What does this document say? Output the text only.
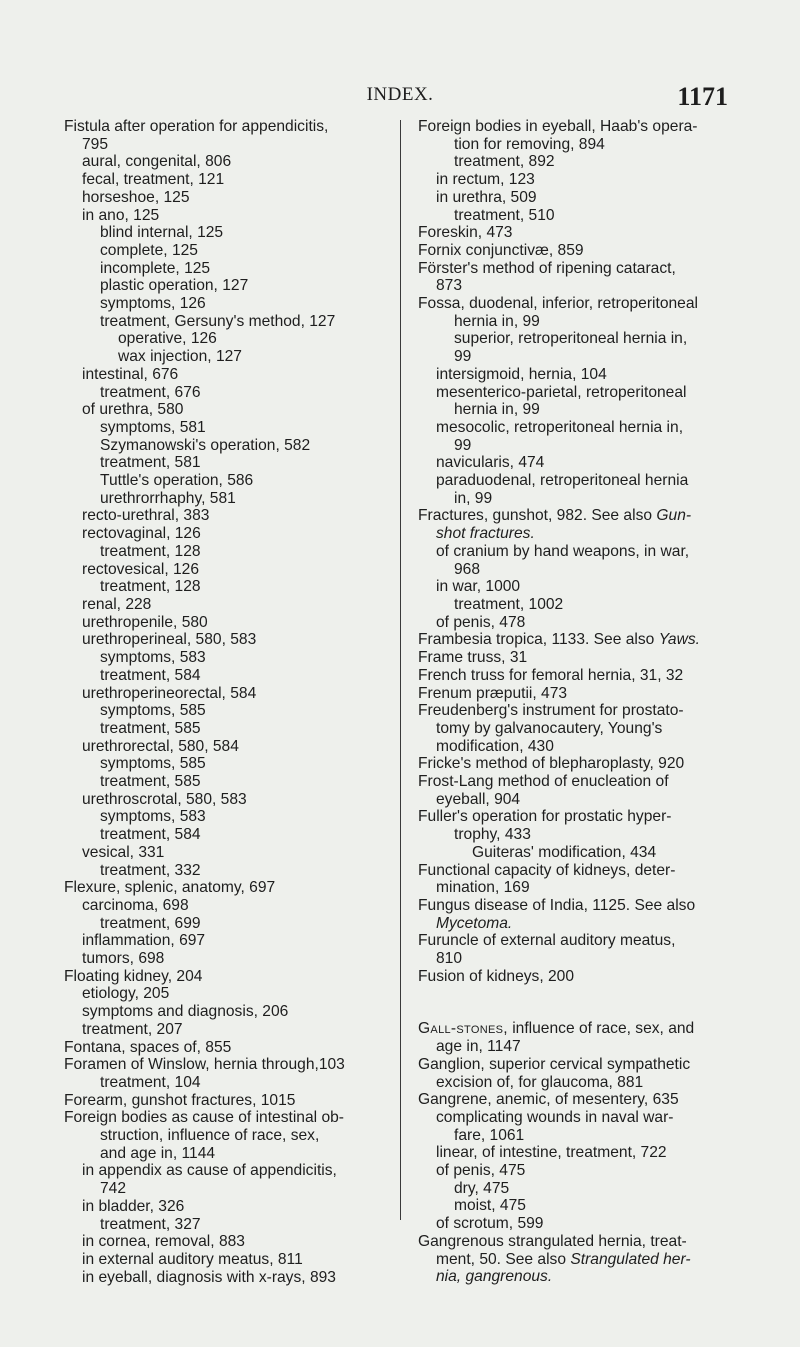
INDEX.	1171
Fistula after operation for appendicitis,
795
aural, congenital, 806
fecal, treatment, 121
horseshoe, 125
in ano, 125
blind internal, 125
complete, 125
incomplete, 125
plastic operation, 127
symptoms, 126
treatment, Gersuny's method, 127
operative, 126
wax injection, 127
intestinal, 676
treatment, 676
of urethra, 580
symptoms, 581
Szymanowski's operation, 582
treatment, 581
Tuttle's operation, 586
urethrorrhaphy, 581
recto-urethral, 383
rectovaginal, 126
treatment, 128
rectovesical, 126
treatment, 128
renal, 228
urethropenile, 580
urethroperineal, 580, 583
symptoms, 583
treatment, 584
urethroperineorectal, 584
symptoms, 585
treatment, 585
urethrorectal, 580, 584
symptoms, 585
treatment, 585
urethroscrotal, 580, 583
symptoms, 583
treatment, 584
vesical, 331
treatment, 332
Flexure, splenic, anatomy, 697
carcinoma, 698
treatment, 699
inflammation, 697
tumors, 698
Floating kidney, 204
etiology, 205
symptoms and diagnosis, 206
treatment, 207
Fontana, spaces of, 855
Foramen of Winslow, hernia through,103
treatment, 104
Forearm, gunshot fractures, 1015
Foreign bodies as cause of intestinal ob-
struction, influence of race, sex,
and age in, 1144
in appendix as cause of appendicitis,
742
in bladder, 326
treatment, 327
in cornea, removal, 883
in external auditory meatus, 811
in eyeball, diagnosis with x-rays, 893
Foreign bodies in eyeball, Haab's opera-
tion for removing, 894
treatment, 892
in rectum, 123
in urethra, 509
treatment, 510
Foreskin, 473
Fornix conjunctivæ, 859
Förster's method of ripening cataract,
873
Fossa, duodenal, inferior, retroperitoneal
hernia in, 99
superior, retroperitoneal hernia in,
99
intersigmoid, hernia, 104
mesenterico-parietal, retroperitoneal
hernia in, 99
mesocolic, retroperitoneal hernia in,
99
navicularis, 474
paraduodenal, retroperitoneal hernia
in, 99
Fractures, gunshot, 982. See also Gun-
shot fractures.
of cranium by hand weapons, in war,
968
in war, 1000
treatment, 1002
of penis, 478
Frambesia tropica, 1133. See also Yaws.
Frame truss, 31
French truss for femoral hernia, 31, 32
Frenum præputii, 473
Freudenberg's instrument for prostato-
tomy by galvanocautery, Young's
modification, 430
Fricke's method of blepharoplasty, 920
Frost-Lang method of enucleation of
eyeball, 904
Fuller's operation for prostatic hyper-
trophy, 433
Guiteras' modification, 434
Functional capacity of kidneys, deter-
mination, 169
Fungus disease of India, 1125. See also
Mycetoma.
Furuncle of external auditory meatus,
810
Fusion of kidneys, 200
Gall-stones, influence of race, sex, and
age in, 1147
Ganglion, superior cervical sympathetic
excision of, for glaucoma, 881
Gangrene, anemic, of mesentery, 635
complicating wounds in naval war-
fare, 1061
linear, of intestine, treatment, 722
of penis, 475
dry, 475
moist, 475
of scrotum, 599
Gangrenous strangulated hernia, treat-
ment, 50. See also Strangulated her-
nia, gangrenous.
